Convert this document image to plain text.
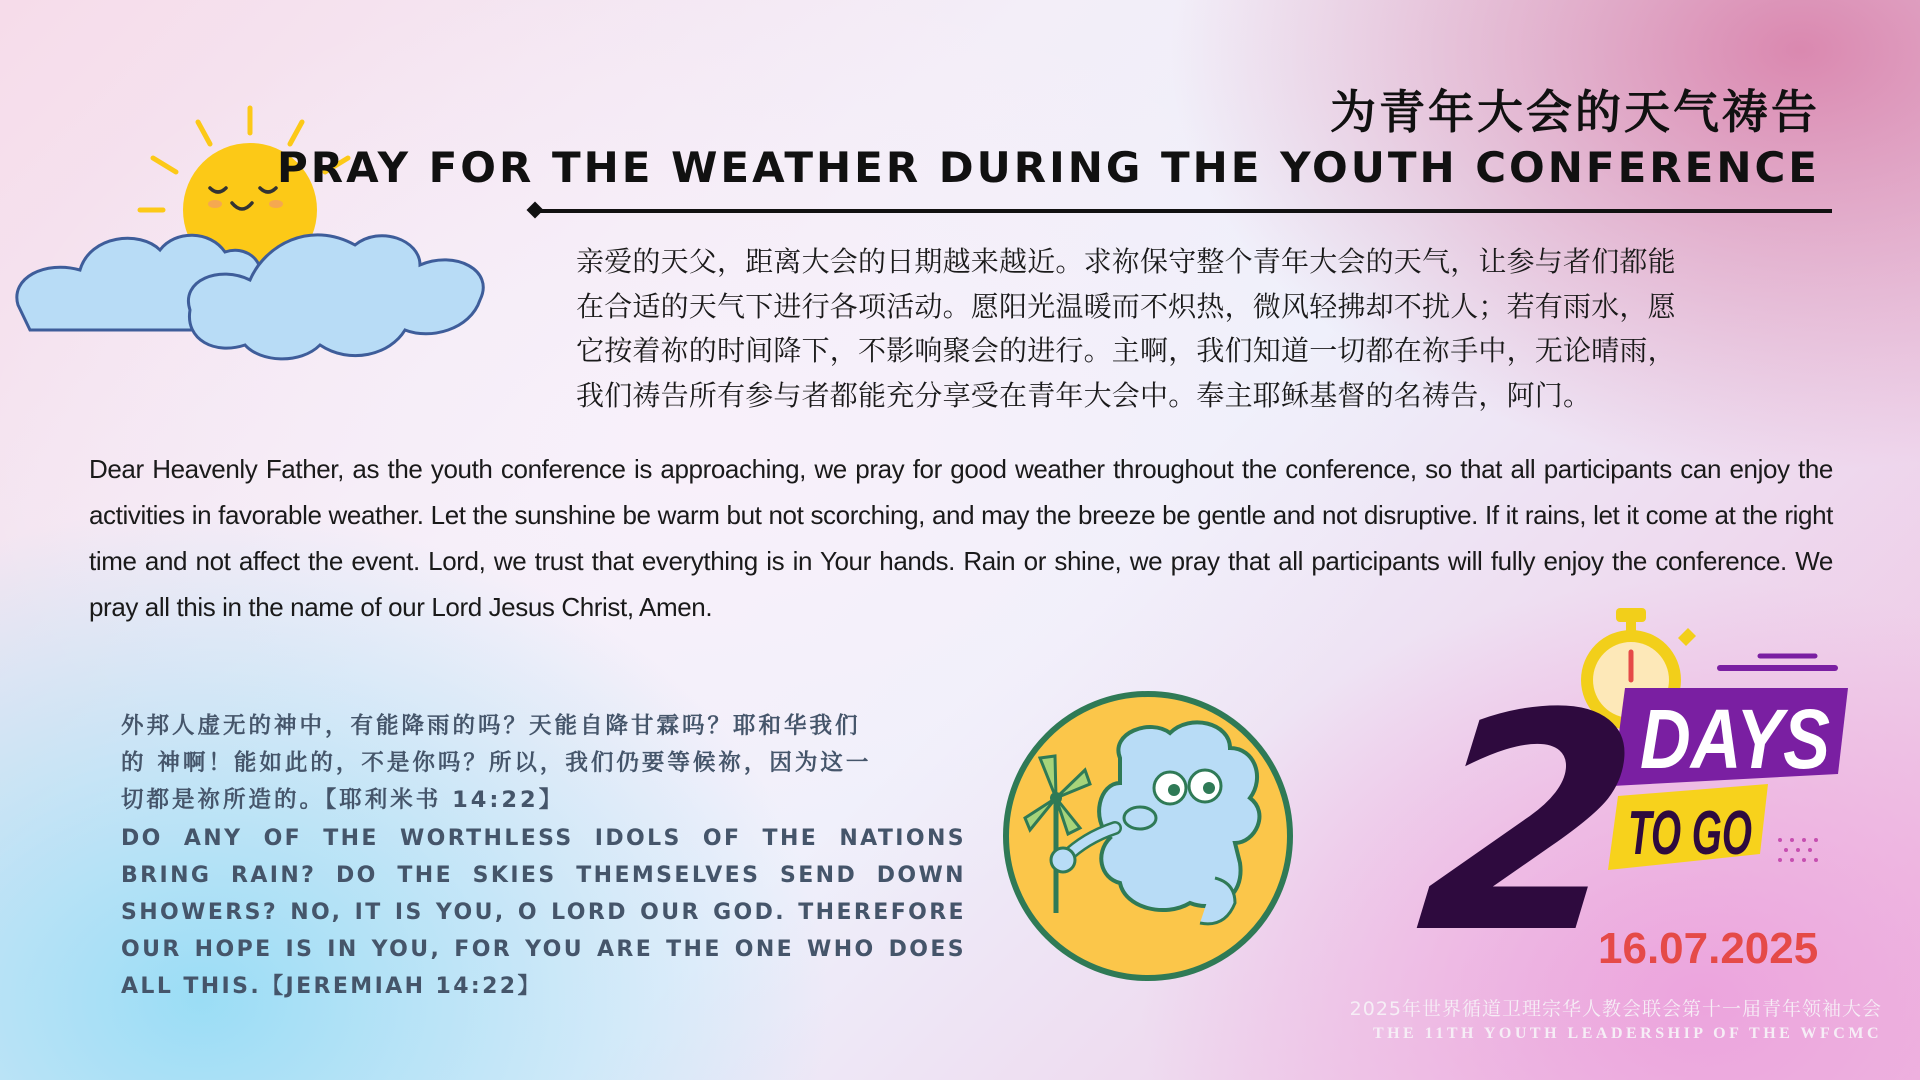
为青年大会的天气祷告
PRAY FOR THE WEATHER DURING THE YOUTH CONFERENCE
亲爱的天父，距离大会的日期越来越近。求祢保守整个青年大会的天气，让参与者们都能
在合适的天气下进行各项活动。愿阳光温暖而不炽热，微风轻拂却不扰人；若有雨水，愿
它按着祢的时间降下，不影响聚会的进行。主啊，我们知道一切都在祢手中，无论晴雨，
我们祷告所有参与者都能充分享受在青年大会中。奉主耶稣基督的名祷告，阿门。
Dear Heavenly Father, as the youth conference is approaching, we pray for good weather throughout the conference, so that all participants can enjoy the activities in favorable weather. Let the sunshine be warm but not scorching, and may the breeze be gentle and not disruptive. If it rains, let it come at the right time and not affect the event. Lord, we trust that everything is in Your hands. Rain or shine, we pray that all participants will fully enjoy the conference. We pray all this in the name of our Lord Jesus Christ, Amen.
外邦人虚无的神中，有能降雨的吗？天能自降甘霖吗？耶和华我们
的 神啊！能如此的，不是你吗？所以，我们仍要等候祢，因为这一
切都是祢所造的。【耶利米书 14:22】
DO ANY OF THE WORTHLESS IDOLS OF THE NATIONS BRING RAIN? DO THE SKIES THEMSELVES SEND DOWN SHOWERS? NO, IT IS YOU, O LORD OUR GOD. THEREFORE OUR HOPE IS IN YOU, FOR YOU ARE THE ONE WHO DOES ALL THIS.【JEREMIAH 14:22】	2
DAYS
TO GO
16.07.2025
2025年世界循道卫理宗华人教会联会第十一届青年领袖大会
THE 11TH YOUTH LEADERSHIP OF THE WFCMC
